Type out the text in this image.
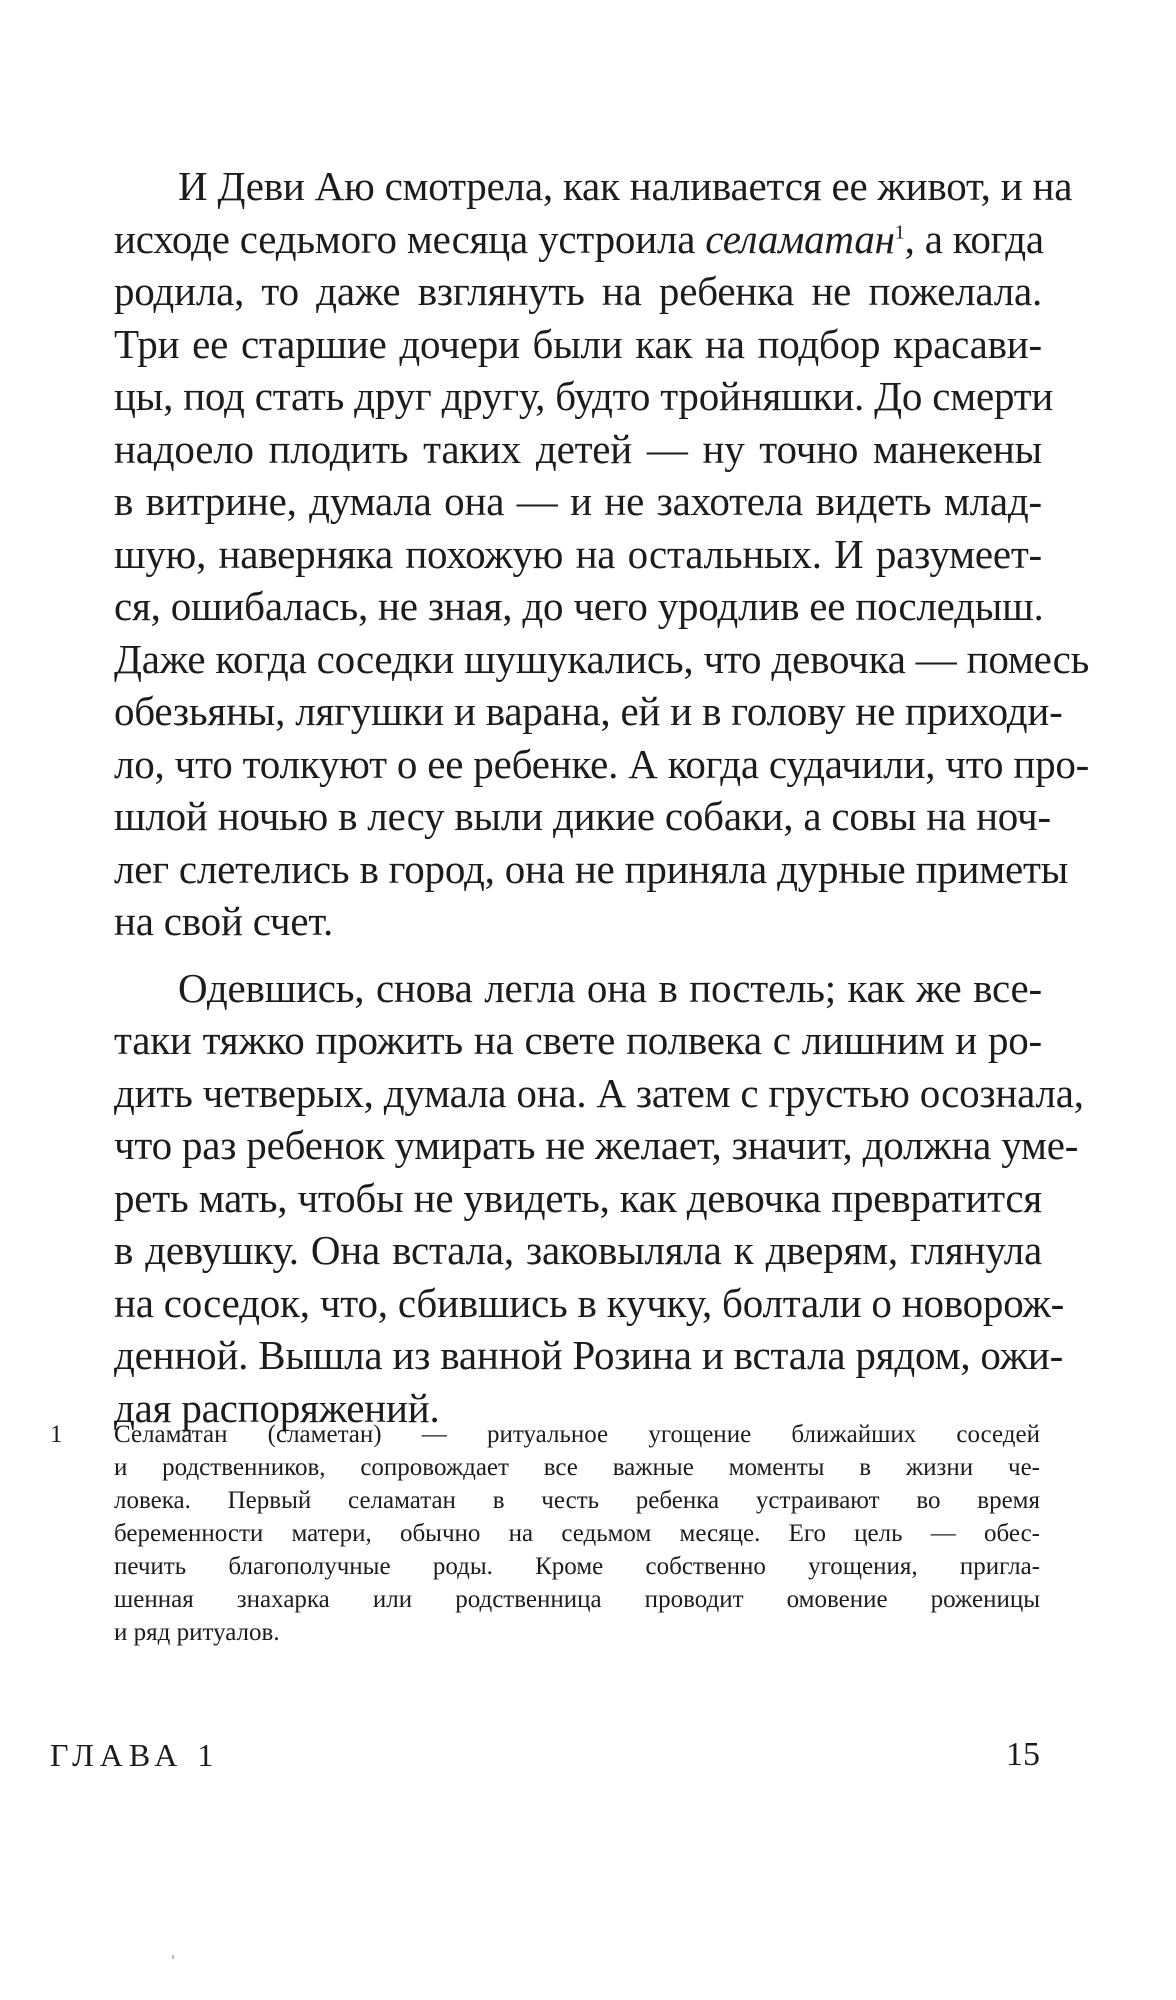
И Деви Аю смотрела, как наливается ее живот, и на
исходе седьмого месяца устроила селаматан$^1$, а когда
родила, то даже взглянуть на ребенка не пожелала.
Три ее старшие дочери были как на подбор красави-
цы, под стать друг другу, будто тройняшки. До смерти
надоело плодить таких детей — ну точно манекены
в витрине, думала она — и не захотела видеть млад-
шую, наверняка похожую на остальных. И разумеет-
ся, ошибалась, не зная, до чего уродлив ее последыш.
Даже когда соседки шушукались, что девочка — помесь
обезьяны, лягушки и варана, ей и в голову не приходи-
ло, что толкуют о ее ребенке. А когда судачили, что про-
шлой ночью в лесу выли дикие собаки, а совы на ноч-
лег слетелись в город, она не приняла дурные приметы
на свой счет.

Одевшись, снова легла она в постель; как же все-
таки тяжко прожить на свете полвека с лишним и ро-
дить четверых, думала она. А затем с грустью осознала,
что раз ребенок умирать не желает, значит, должна уме-
реть мать, чтобы не увидеть, как девочка превратится
в девушку. Она встала, заковыляла к дверям, глянула
на соседок, что, сбившись в кучку, болтали о новорож-
денной. Вышла из ванной Розина и встала рядом, ожи-
дая распоряжений.

1 Селаматан (сламетан) — ритуальное угощение ближайших соседей
и родственников, сопровождает все важные моменты в жизни че-
ловека. Первый селаматан в честь ребенка устраивают во время
беременности матери, обычно на седьмом месяце. Его цель — обес-
печить благополучные роды. Кроме собственно угощения, пригла-
шенная знахарка или родственница проводит омовение роженицы
и ряд ритуалов.
ГЛАВА 1	15
